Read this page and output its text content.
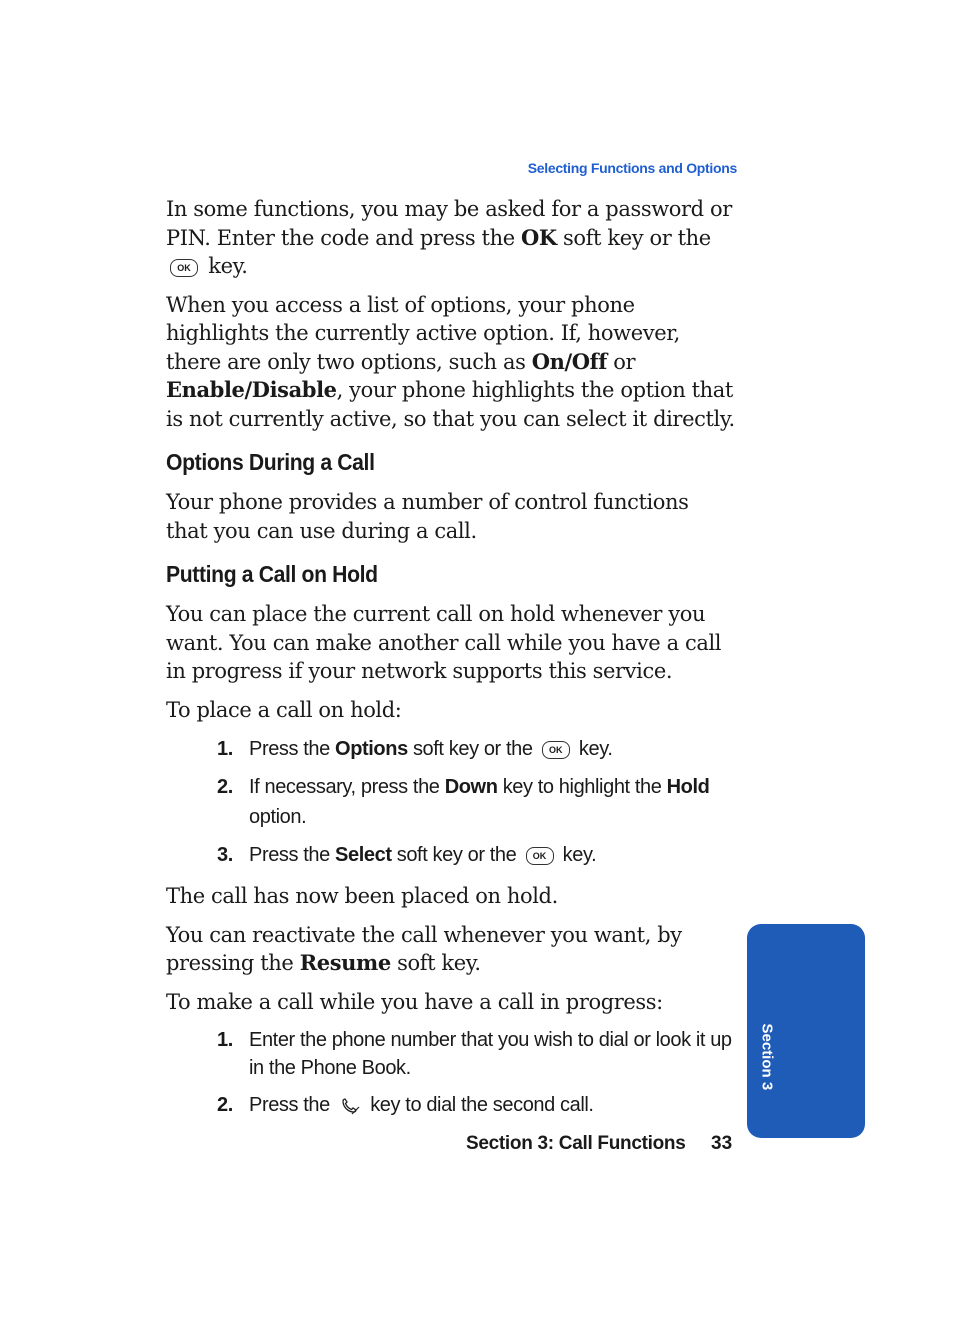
Selecting Functions and Options

In some functions, you may be asked for a password or PIN. Enter the code and press the OK soft key or the OK key.

When you access a list of options, your phone highlights the currently active option. If, however, there are only two options, such as On/Off or Enable/Disable, your phone highlights the option that is not currently active, so that you can select it directly.

Options During a Call

Your phone provides a number of control functions that you can use during a call.

Putting a Call on Hold

You can place the current call on hold whenever you want. You can make another call while you have a call in progress if your network supports this service.

To place a call on hold:

1. Press the Options soft key or the OK key.
2. If necessary, press the Down key to highlight the Hold option.
3. Press the Select soft key or the OK key.

The call has now been placed on hold.

You can reactivate the call whenever you want, by pressing the Resume soft key.

To make a call while you have a call in progress:

1. Enter the phone number that you wish to dial or look it up in the Phone Book.
2. Press the  key to dial the second call.
Section 3: Call Functions 33
